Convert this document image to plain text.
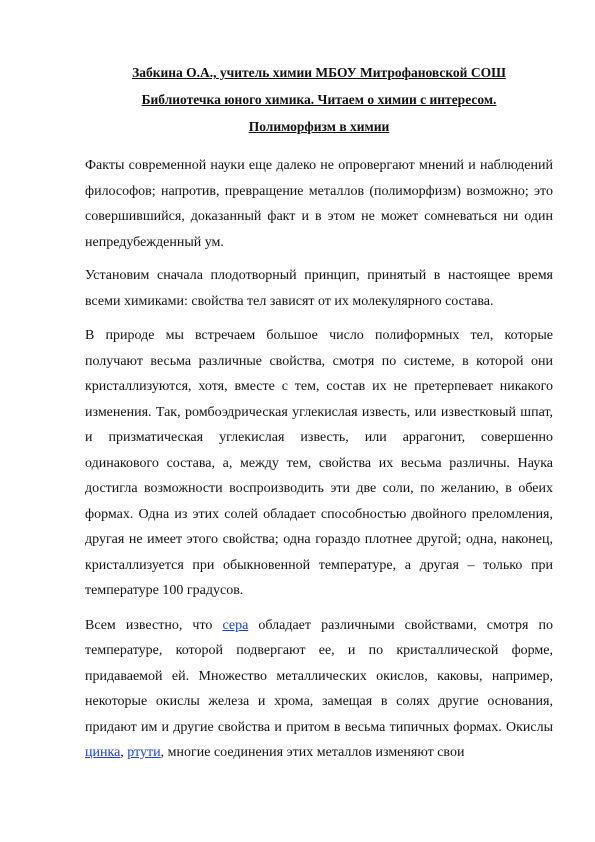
Забкина О.А., учитель химии МБОУ Митрофановской СОШ

Библиотечка юного химика. Читаем о химии с интересом.

Полиморфизм в химии

Факты современной науки еще далеко не опровергают мнений и наблюдений философов; напротив, превращение металлов (полиморфизм) возможно; это совершившийся, доказанный факт и в этом не может сомневаться ни один непредубежденный ум.

Установим сначала плодотворный принцип, принятый в настоящее время всеми химиками: свойства тел зависят от их молекулярного состава.

В природе мы встречаем большое число полиформных тел, которые получают весьма различные свойства, смотря по системе, в которой они кристаллизуются, хотя, вместе с тем, состав их не претерпевает никакого изменения. Так, ромбоэдрическая углекислая известь, или известковый шпат, и призматическая углекислая известь, или аррагонит, совершенно одинакового состава, а, между тем, свойства их весьма различны. Наука достигла возможности воспроизводить эти две соли, по желанию, в обеих формах. Одна из этих солей обладает способностью двойного преломления, другая не имеет этого свойства; одна гораздо плотнее другой; одна, наконец, кристаллизуется при обыкновенной температуре, а другая – только при температуре 100 градусов.

Всем известно, что сера обладает различными свойствами, смотря по температуре, которой подвергают ее, и по кристаллической форме, придаваемой ей. Множество металлических окислов, каковы, например, некоторые окислы железа и хрома, замещая в солях другие основания, придают им и другие свойства и притом в весьма типичных формах. Окислы цинка, ртути, многие соединения этих металлов изменяют свои
